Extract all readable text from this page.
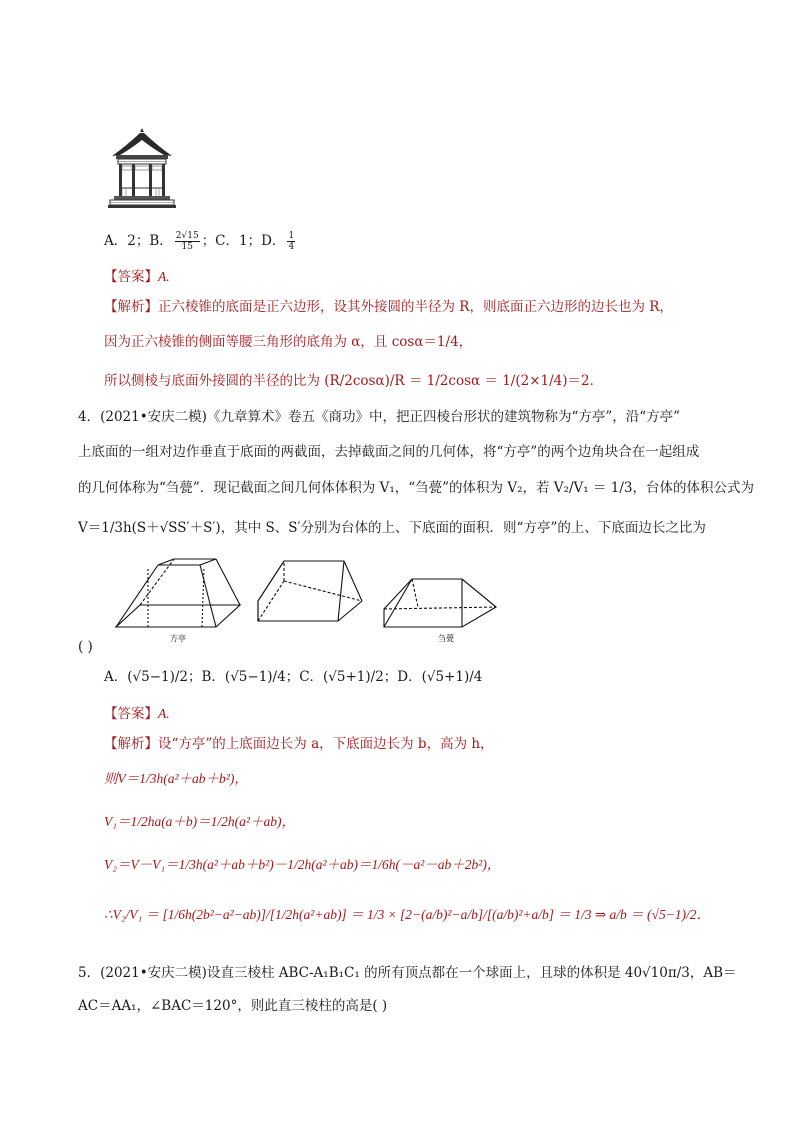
A．2；B． $\frac{2√15}{15}$ ；C．1；D． $\frac{1}{4}$
【答案】A.
【解析】正六棱锥的底面是正六边形，设其外接圆的半径为 R，则底面正六边形的边长也为 R，
因为正六棱锥的侧面等腰三角形的底角为 α，且 cosα＝1/4，
所以侧棱与底面外接圆的半径的比为 (R/2cosα)/R ＝ 1/2cosα ＝ 1/(2×1/4)＝2．
4．(2021•安庆二模)《九章算术》卷五《商功》中，把正四棱台形状的建筑物称为“方亭”，沿“方亭”
上底面的一组对边作垂直于底面的两截面，去掉截面之间的几何体，将“方亭”的两个边角块合在一起组成
的几何体称为“刍甍”．现记截面之间几何体体积为 V₁，“刍甍”的体积为 V₂，若 V₂/V₁ ＝ 1/3，台体的体积公式为
V＝1/3h(S＋√SS′＋S′)，其中 S、S′分别为台体的上、下底面的面积．则“方亭”的上、下底面边长之比为
方亭	刍甍
( )
A．(√5−1)/2；B．(√5−1)/4；C．(√5+1)/2；D．(√5+1)/4
【答案】A.
【解析】设“方亭”的上底面边长为 a，下底面边长为 b，高为 h，
则V＝1/3h(a²＋ab＋b²)，
V₁＝1/2ha(a＋b)＝1/2h(a²＋ab)，
V₂＝V－V₁＝1/3h(a²＋ab＋b²)－1/2h(a²＋ab)＝1/6h(－a²－ab＋2b²)，
∴V₂/V₁ ＝ [1/6h(2b²−a²−ab)]/[1/2h(a²+ab)] ＝ 1/3 × [2−(a/b)²−a/b]/[(a/b)²+a/b] ＝ 1/3 ⇒ a/b ＝ (√5−1)/2．
5．(2021•安庆二模)设直三棱柱 ABC-A₁B₁C₁ 的所有顶点都在一个球面上，且球的体积是 40√10π/3，AB＝
AC＝AA₁，∠BAC＝120°，则此直三棱柱的高是( )
